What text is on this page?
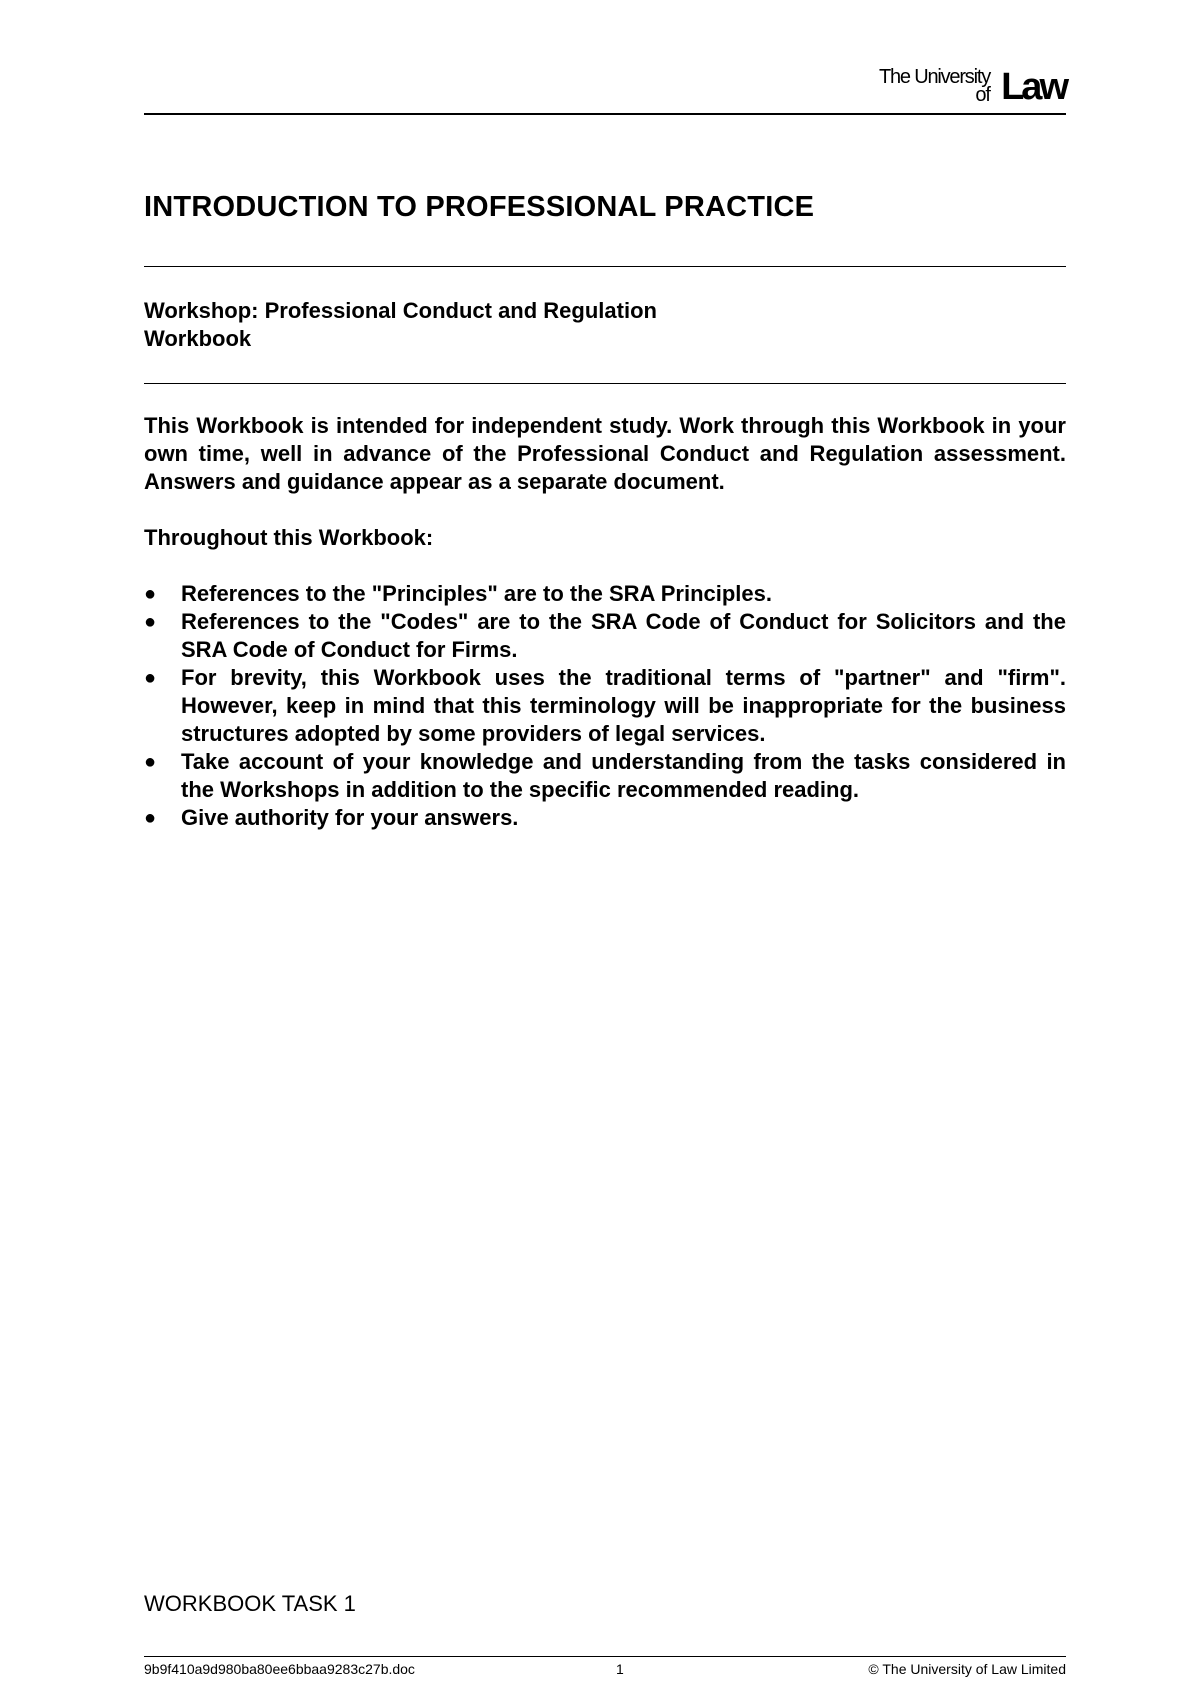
The University
of Law
INTRODUCTION TO PROFESSIONAL PRACTICE
Workshop: Professional Conduct and Regulation
Workbook

This Workbook is intended for independent study. Work through this Workbook in your own time, well in advance of the Professional Conduct and Regulation assessment. Answers and guidance appear as a separate document.

Throughout this Workbook:

●	References to the "Principles" are to the SRA Principles.
●	References to the "Codes" are to the SRA Code of Conduct for Solicitors and the SRA Code of Conduct for Firms.
●	For brevity, this Workbook uses the traditional terms of "partner" and "firm". However, keep in mind that this terminology will be inappropriate for the business structures adopted by some providers of legal services.
●	Take account of your knowledge and understanding from the tasks considered in the Workshops in addition to the specific recommended reading.
●	Give authority for your answers.
WORKBOOK TASK 1
9b9f410a9d980ba80ee6bbaa9283c27b.doc	1	© The University of Law Limited
